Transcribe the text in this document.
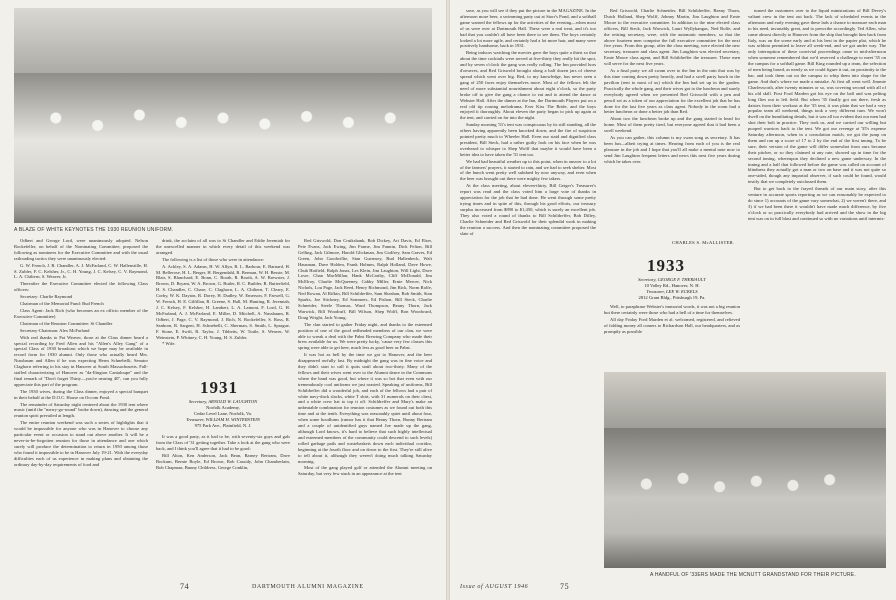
A BLAZE OF WHITE KEYNOTES THE 1930 REUNION UNIFORM.

Odbert and George Lord, were unanimously adopted. Nelson Rockefeller, on behalf of the Nominating Committee, proposed the following as nominees for the Executive Committee and with the usual railroading tactics they were unanimously elected:

G. W. French, J. B. Chandler, A. J. McFarland, C. W. Hallenstille, H. S. Zubler, F. C. Kelsher, Jr., C. H. Young, J. C. Kelsey, C. V. Raymond, L. A. Chiltern, S. Weaver, Jr.

Thereafter the Executive Committee elected the following Class officers:

Secretary: Charlie Raymond

Chairman of the Memorial Fund: Bud French

Class Agent: Jack Rich (who becomes an ex officio member of the Executive Committee)

Chairman of the Reunion Committee: Si Chandler

Secretary-Chairman: Alex McFarland

With real thanks to Pat Weaver, those at the Class dinner heard a special recording by Fred Allen and his "Allen's Alley Gang" of a special Class of 1930 broadcast which we hope may be available in record form for 1930 alumni. Only those who actually heard Mrs. Nussbaum and Allen if he was expecting Herm Schnebelli, Senator Claghorn referring to his stay in Hanover at South Massachusetts. Fall-staffed characterizing of Hanover as "da-Ilington Cantaloupe" and the final remark of "Don't forget Thirty—you're nearing 40", can you fully appreciate this part of the program.

The 1930 wives, during the Class dinner, enjoyed a special banquet in their behalf at the D.O.C. House on Occom Pond.

The remainder of Saturday night centered about the 1930 tent where music (until the "merry-go-round" broke down), dancing and the general reunion spirit prevailed at length.

The entire reunion weekend was such a series of highlights that it would be impossible for anyone who was in Hanover to choose any particular event or occasion to stand out above another. It will be a never-to-be-forgotten reunion for those in attendance and one which surely will produce the determination to return in 1950 among those who found it impossible to be in Hanover July 19-21. With the everyday difficulties each of us experience in making plans and obtaining the ordinary day-by-day requirements of food and

drink, the acclaim of all was to Si Chandler and Eddie Jeremiah for the unexcelled manner in which every detail of this weekend was arranged.

The following is a list of those who were in attendance:

A. Ackley, S. A. Adams, H. W. Allyn, R. L. Barbour, E. Barnard, H. M. Bellerose, H. L. Berger, H. Bergendahl, R. Berman, W. H. Bessie, M. Blair, S. Blanchard, E. Bonn, C. Booth, R. Booth, A. W. Brewster, J. Brown, D. Bryant, W. A. Brown, G. Butler, R. C. Builder, R. Butterfield, H. S. Chandler, C. Chase, C. Claghorn, L. A. Chiltern, T. Cleary, E. Corby, W. K. Dayton, R. Dorey, H. Dudley, W. Emerson, F. Farwell, G. W. French, H. E. Gilfillan, R. Greene, S. Hall, M. Hunting, R. Jeremiah, J. C. Kelsey, F. Kelsher, H. Lambert, L. A. Lamont, F. Lord, G. H. McFarland, A. J. McFarland, E. Miller, D. Mitchell, A. Nussbaum, R. Odbert, J. Page, C. V. Raymond, J. Rich, N. Rockefeller, S. Ross, R. Sanborn, R. Sargent, H. Schnebelli, C. Sherman, S. Smith, L. Sprague, F. Stone, E. Swift, R. Taylor, J. Tibbetts, W. Tuttle, S. Weaver, W. Weinstein, P. Whitney, C. H. Young, H. S. Zubler.

* Wife.

1931
Secretary, ARNOLD W. LAUGHTON
Norfolk Academy,
Cedar Level Lane, Norfolk, Va.
Treasurer, WILLIAM H. WINTERSTEIN
975 Park Ave., Plainfield, N. J.

It was a good party, as it had to be, with seventy-six guys and gals from the Class of '31 getting together. Take a look at the gang who were back, and I think you'll agree that it had to be good:

Bill Alton, Ken Anderson, Jack Bean, Barney Bertram, Dave Bockum, Bernie Boyle, Ed Brown, Bob Cassidy, John Chamberlain, Bob Chapman, Bunny Childress, George Conklin,

Red Griswold, Don Cruikshank, Bob Dickey, Art Davis, Ed Elser, Pete Evans, Jack Ewing, Jim Frame, Jim Fannin, Dick Felton, Bill Gelling, Jack Gilmore, Harold Glickman, Jim Godfrey, Sam Graves, Ed Green, John Goodwillie, Stan Guernsey, Bud Hallenbeck, Walt Hausman, Dave Holden, Frank Holmes, Ralph Holland, Dave Howe, Chub Hatfield, Ralph Jonas, Les Klein, Jim Laughton, Will Light, Dave Lowe, Chan MacMillan, Hank McCarthy, Cliff McDonald, Jim McElroy, Charlie McQueeney, Cabby Miller, Ernie Mercer, Nick Nichols, Lou Page, Jack Reed, Henry Richmond, Jim Rick, Norm Rolfe, Ned Rowan, Al Rifkin, Bill Schildreffer, Sam Sheahan, Bob Smith, Stan Sparks, Joe Stickney, Ed Sommers, Ed Pishon, Bill Steck, Charlie Schneider, Steele Thomas, Ward Thompson, Beany Thorn, Jack Warwick, Bill Woodruff, Bill Wilson, Shep Wolff, Ron Woodward, Doug Wright, Jack Young.

The clan started to gather Friday night, and thanks to the esteemed position of one of the good redheaded members of our clan, we were able to wreak a deal with the Pabst Brewing Company who made their brew available for us. We were pretty lucky, 'cause very few classes this spring were able to get beer, much less as good beer as Pabst.

It was hot as hell by the time we got to Hanover, and the beer disappeared awfully fast. By midnight the gang was in fine voice and they didn't start to call it quits until about two-thirty. Many of the fellows and their wives went over to the Alumni dance in the Commons where the band was good, but where it was so hot that even with our tremendously cool uniforms we just roasted. Speaking of uniforms, Bill Schildreffer did a wonderful job, and each of the fellows had a pair of white navy-duck slacks, white T shirt, with 31 numerals on their chest, and a white crew hat to top it off. Schildreffer and Mary's make an unbeatable combination for reunion costumes as we found out both this time and at the tenth. Everything was reasonably quiet until about four, when some hoodlums (rumor has it that Beany Thorn, Bunny Bertram and a couple of unidentified guys named Joe made up the gang, although Lord knows, it's hard to believe that such highly intellectual and esteemed members of the community could descend to such levels) rolled garbage pails and wastebaskets down each individual corridor, beginning at the fourth floor and on down to the first. They're still alive to tell about it, although they weren't doing much talking Saturday morning.

Most of the gang played golf or attended the Alumni meeting on Saturday, but very few stuck in an appearance at the tent

74	DARTMOUTH ALUMNI MAGAZINE

save, as you will see if they put the picture in the MAGAZINE. In the afternoon more beer, a swimming party out at Storr's Pond, and a softball game warned the fellows up for the activities of the evening—when most of us were over at Dartmouth Hall. These were a real treat, and it's too bad that you couldn't all have been there to see them. The boys certainly looked a lot more agile, and certainly had a lot more hair, and many were positively handsome, back in 1931.

Being indoors watching the movies gave the boys quite a thirst so that about the time cocktails were served at five-thirty they really hit the spot, and by seven o'clock the gang was really rolling. The Inn provided hors d'oeuvres, and Red Griswold brought along a half dozen jars of cheese spread which went over big. Red, to my knowledge, has never seen a gang of 250 faces enjoy themselves more. Most of the fellows felt the need of more substantial nourishment about eight o'clock, so the party broke off to give the gang a chance to eat and to attend the dance at Webster Hall. After the dinner at the Inn, the Dartmouth Players put on a real old tip roaring melodrama, Ever Kiss The Bride, and the boys enjoyed it thoroughly. About eleven the party began to pick up again at the tent, and carried on far into the night.

Sunday morning '31's tent was conspicuous by its still standing, all the others having apparently been knocked down; and the fire of suspicion pointed pretty much to Wheeler Hall. Even our staid and dignified class president, Bill Steck, had a rather guilty look on his face when he was overheard to whisper to Shep Wolff that maybe it would have been a better idea to have taken the '31 tent too.

We had had beautiful weather up to this point, when in answer to a lot of the farmers' prayers, it started to rain, and we had to seek shelter. Most of the bunch went pretty well subdued by now anyway, and even when the beer was brought out there were mighty few takers.

At the class meeting, about eleven-thirty, Bill Geiger's Treasurer's report was read and the class voted him a large vote of thanks in appreciation for the job that he had done. He went through some pretty trying times and in spite of this, through his good efforts, our treasury surplus increased from $890 to $1,450, which is surely an excellent job. They also voted a round of thanks to Bill Schildreffer, Bob Dilley, Charlie Schneider and Red Griswold for their splendid work in making the reunion a success. And then the nominating committee proposed the slate of

Red Griswold, Charlie Schneider, Bill Schildreffer, Beany Thorn, Dutch Holland, Shep Wolff, Johnny Martin, Jim Laughton and Ernie Moore to the executive committee. In addition to the nine elected class officers, Bill Steck, Jack Warwick, Lauri Wyllykangas, Ned Rolfe, and the retiring secretary, were, with the automatic members, so that the above fourteen men comprise the full executive committee for the next five years. From this group, after the class meeting, were elected the new secretary, treasurer and class agent. Jim Laughton was elected secretary, Ernie Moore class agent, and Bill Schildreffer the treasurer. These men will serve for the next five years.

As a final party we all swam over to the Inn in the rain that was by this time coming down pretty heavily, and had a swell party lunch in the pavilion (rent to most of us) which the Inn had set up in the garden. Practically the whole gang, and their wives got to the luncheon and surely everybody agreed when we presented Red Griswold with a pen and pencil set as a token of our appreciation for the excellent job that he has done for the last five years as class agent. Nobody in the room had a better luncheon or done a better job than Red.

About two the luncheon broke up and the gang started to head for home. Most of them pretty tired, but everyone agreed that it had been a swell weekend.

As you can gather, this column is my swan song as secretary. It has been fun—albeit trying at times. Hearing from each of you is the real pleasure in the job and I hope that you'll all make a mental note now to send Jim Laughton frequent letters and news this next five years during which he takes over.

CHARLES S. McALLISTER.
1933
Secretary, GEORGE F. THERIAULT
10 Valley Rd., Hanover, N. H.
Treasurer, LEE W. ECKELS
2812 Grant Bldg., Pittsburgh 19, Pa.

Well, to paraphrase Webster's immortal words, it was not a big reunion but there certainly were those who had a hell of a time for themselves.

All day Friday Ford Marden et al. welcomed, registered, and relieved of folding money all comers to Richardson Hall, our headquarters, and as promptly as possible

turned the customers over to the liquid ministrations of Bill Devey's valiant crew in the tent out back. The lack of scheduled events in the afternoon and early evening gave these lads a chance to measure each man to his need, invariably great, and to prescribe accordingly. Ted Allen, who came almost directly to Hanover from the ship that brought him back from Italy, was on the scene early and at his best in the papier plat, which he was seldom permitted to leave all week-end, and we got under way. The only interruption of these convivial proceedings came in mid-afternoon when someone remembered that we'd reserved a challenge to meet '35 on the campus for a softball game. Bill King rounded up a team, the selection of men being based, as nearly as we could figure it out, on proximity to the bar, and took them out on the campus to whip them into shape for the game. And that's where we made a mistake. At first all went well. Jimmie Charlesworth, after twenty minutes or so, was covering second with all of his old skill. First Ford Marden got his eye on the ball and was pelting long flies out to left field. But when '35 finally got out there, fresh as daisies from their workout at the '35 tent, it was plain that we had a very popular team all weekend, things took a very different turn. We won't dwell on the humiliating details, but it was all too evident that our men had shot their bolt in practice. They took us, and we carried our willing but pooped warriors back to the tent. We got our revenge at '35's expense Saturday afternoon, when in a consolation match, we got the jump on them and ran up a score of 17 to 2 by the end of the first inning. To be sure, their version of the game will differ somewhat from ours because their pitcher, or so they claimed at any rate, showed up in time for the second inning, whereupon they declined a new game underway. In the inning and a half that followed before the game was called on account of blindness they actually got a man or two on base and it was not quite so one-sided, though any impartial observer, if such could be found, would testify that we completely outclassed them.

But to get back to the frayed threads of our main story, after this venture in accurate sports reporting as we can reasonably be expected to do since 1) accounts of the game vary somewhat, 2) we weren't there, and 3) if we had been there it wouldn't have made much difference, by five o'clock or so practically everybody had arrived and the show in the big tent was on in full blast and continued so with no variations until intermis-

A HANDFUL OF '33ERS MADE THE MCNUTT GRANDSTAND FOR THEIR PICTURE.
Issue of AUGUST 1946	75
